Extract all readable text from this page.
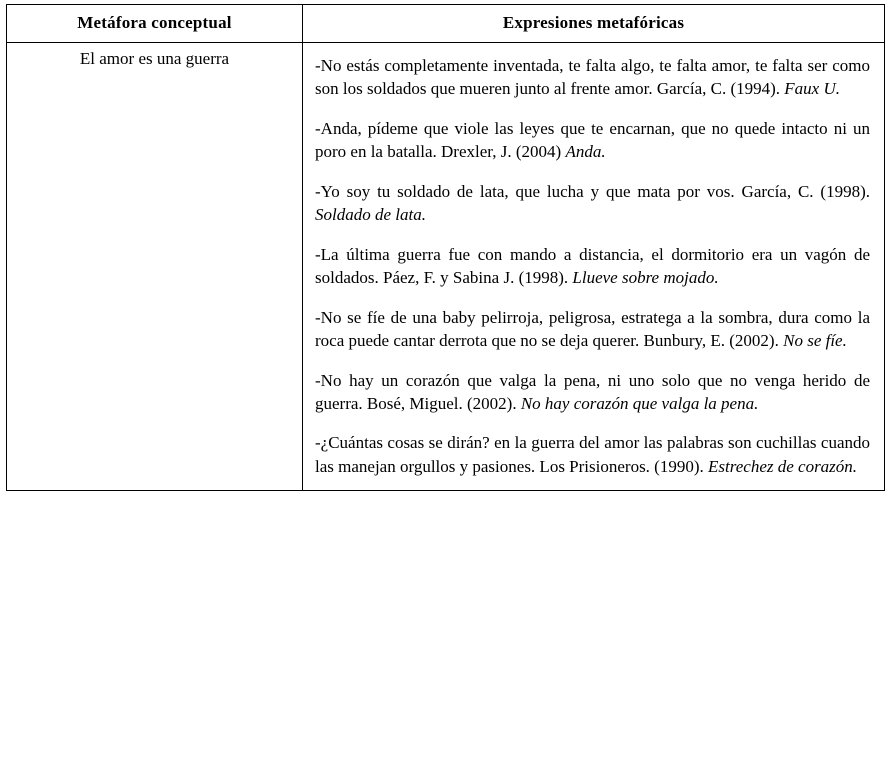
Metáfora conceptual	Expresiones metafóricas
El amor es una guerra	-No estás completamente inventada, te falta algo, te falta amor, te falta ser como son los soldados que mueren junto al frente amor. García, C. (1994). Faux U.

-Anda, pídeme que viole las leyes que te encarnan, que no quede intacto ni un poro en la batalla. Drexler, J. (2004) Anda.

-Yo soy tu soldado de lata, que lucha y que mata por vos. García, C. (1998). Soldado de lata.

-La última guerra fue con mando a distancia, el dormitorio era un vagón de soldados. Páez, F. y Sabina J. (1998). Llueve sobre mojado.

-No se fíe de una baby pelirroja, peligrosa, estratega a la sombra, dura como la roca puede cantar derrota que no se deja querer. Bunbury, E. (2002). No se fíe.

-No hay un corazón que valga la pena, ni uno solo que no venga herido de guerra. Bosé, Miguel. (2002). No hay corazón que valga la pena.

-¿Cuántas cosas se dirán? en la guerra del amor las palabras son cuchillas cuando las manejan orgullos y pasiones. Los Prisioneros. (1990). Estrechez de corazón.
